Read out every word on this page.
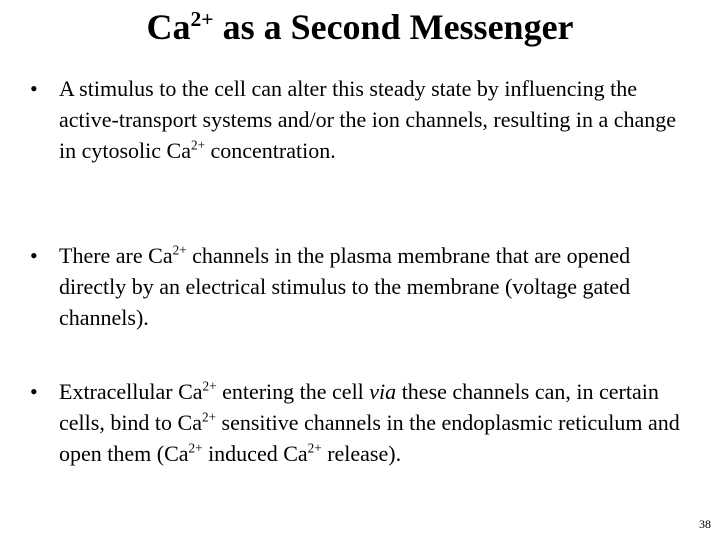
$Ca^{2+}$ as a Second Messenger
• A stimulus to the cell can alter this steady state by influencing the active-transport systems and/or the ion channels, resulting in a change in cytosolic $Ca^{2+}$ concentration.
• There are $Ca^{2+}$ channels in the plasma membrane that are opened directly by an electrical stimulus to the membrane (voltage gated channels).
• Extracellular $Ca^{2+}$ entering the cell via these channels can, in certain cells, bind to $Ca^{2+}$ sensitive channels in the endoplasmic reticulum and open them ($Ca^{2+}$ induced $Ca^{2+}$ release).
38
